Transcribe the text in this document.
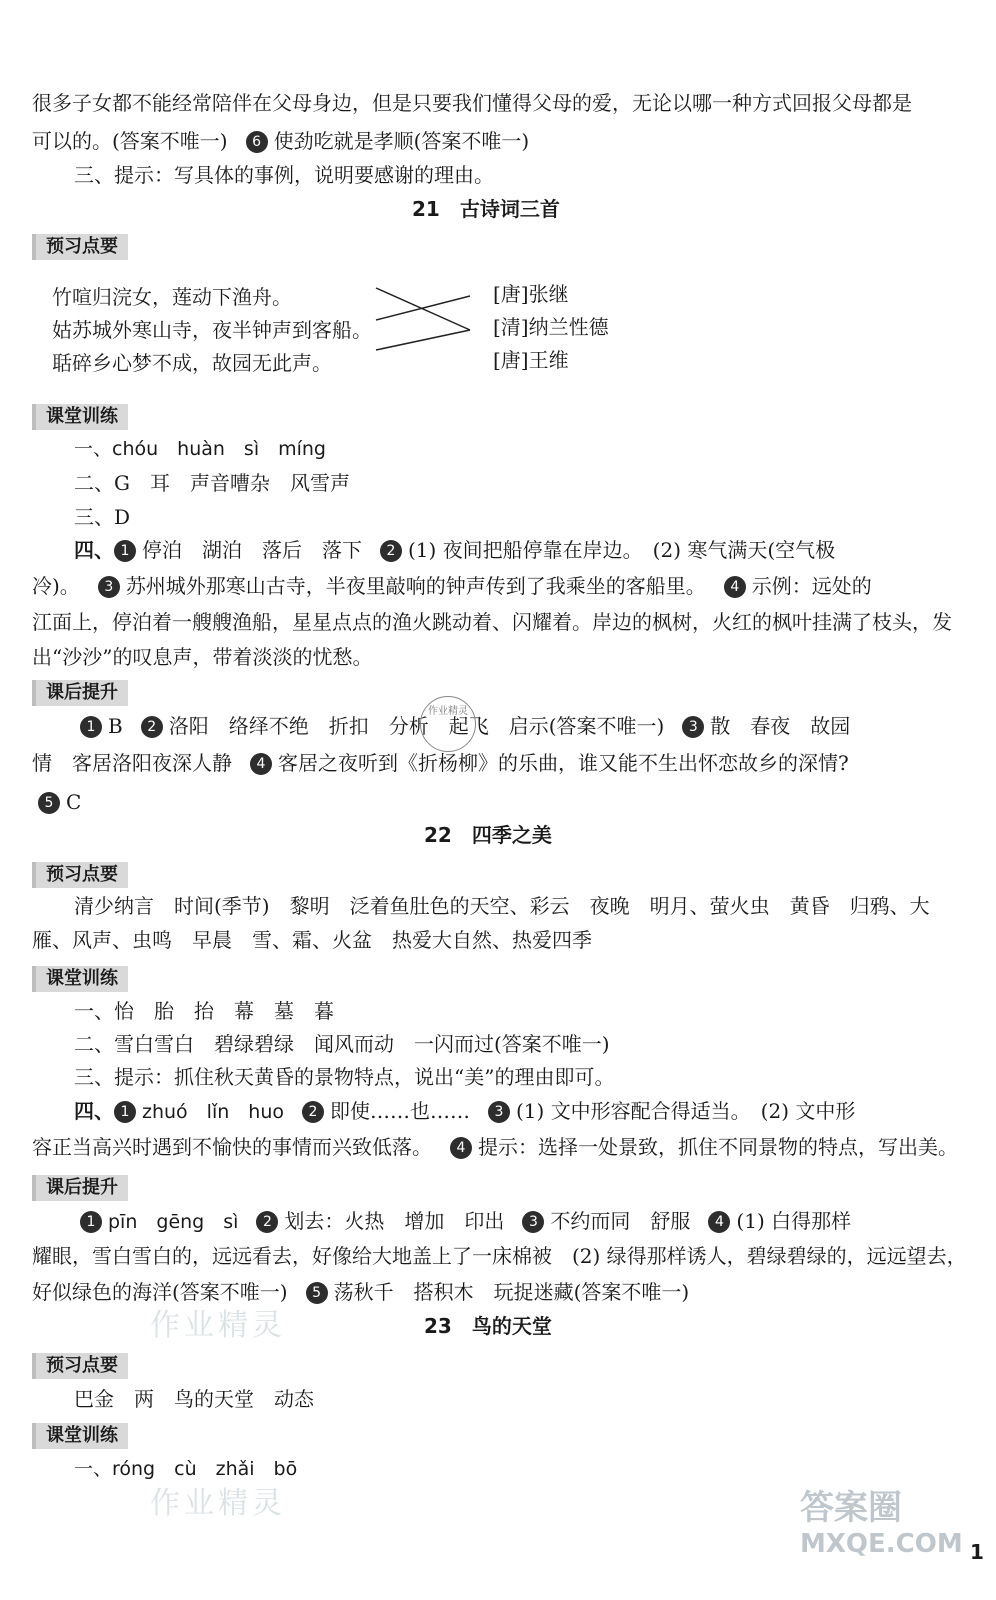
很多子女都不能经常陪伴在父母身边，但是只要我们懂得父母的爱，无论以哪一种方式回报父母都是
可以的。(答案不唯一) 6 使劲吃就是孝顺(答案不唯一)
三、提示：写具体的事例，说明要感谢的理由。
21　古诗词三首
预习点要
竹喧归浣女，莲动下渔舟。
姑苏城外寒山寺，夜半钟声到客船。
聒碎乡心梦不成，故园无此声。
[唐]张继
[清]纳兰性德
[唐]王维
课堂训练
一、chóu　huàn　sì　míng
二、G　耳　声音嘈杂　风雪声
三、D
四、 1 停泊　湖泊　落后　落下 2 (1) 夜间把船停靠在岸边。　(2) 寒气满天(空气极
冷)。 3 苏州城外那寒山古寺，半夜里敲响的钟声传到了我乘坐的客船里。 4 示例：远处的
江面上，停泊着一艘艘渔船，星星点点的渔火跳动着、闪耀着。岸边的枫树，火红的枫叶挂满了枝头，发
出“沙沙”的叹息声，带着淡淡的忧愁。
课后提升
1 B 2 洛阳　络绎不绝　折扣　分析　起飞　启示(答案不唯一) 3 散　春夜　故园
作业精灵
情　客居洛阳夜深人静 4 客居之夜听到《折杨柳》的乐曲，谁又能不生出怀恋故乡的深情?
5 C
22　四季之美
预习点要
清少纳言　时间(季节)　黎明　泛着鱼肚色的天空、彩云　夜晚　明月、萤火虫　黄昏　归鸦、大
雁、风声、虫鸣　早晨　雪、霜、火盆　热爱大自然、热爱四季
课堂训练
一、怡　胎　抬　幕　墓　暮
二、雪白雪白　碧绿碧绿　闻风而动　一闪而过(答案不唯一)
三、提示：抓住秋天黄昏的景物特点，说出“美”的理由即可。
四、 1 zhuó　lǐn　huo 2 即使……也…… 3 (1) 文中形容配合得适当。　(2) 文中形
容正当高兴时遇到不愉快的事情而兴致低落。 4 提示：选择一处景致，抓住不同景物的特点，写出美。
课后提升
1 pīn　gēng　sì 2 划去：火热　增加　印出 3 不约而同　舒服 4 (1) 白得那样
耀眼，雪白雪白的，远远看去，好像给大地盖上了一床棉被　(2) 绿得那样诱人，碧绿碧绿的，远远望去，
好似绿色的海洋(答案不唯一) 5 荡秋千　搭积木　玩捉迷藏(答案不唯一)
作业精灵	23　鸟的天堂
预习点要
巴金　两　鸟的天堂　动态
课堂训练
一、róng　cù　zhǎi　bō
作业精灵	答案圈
MXQE.COM 1
